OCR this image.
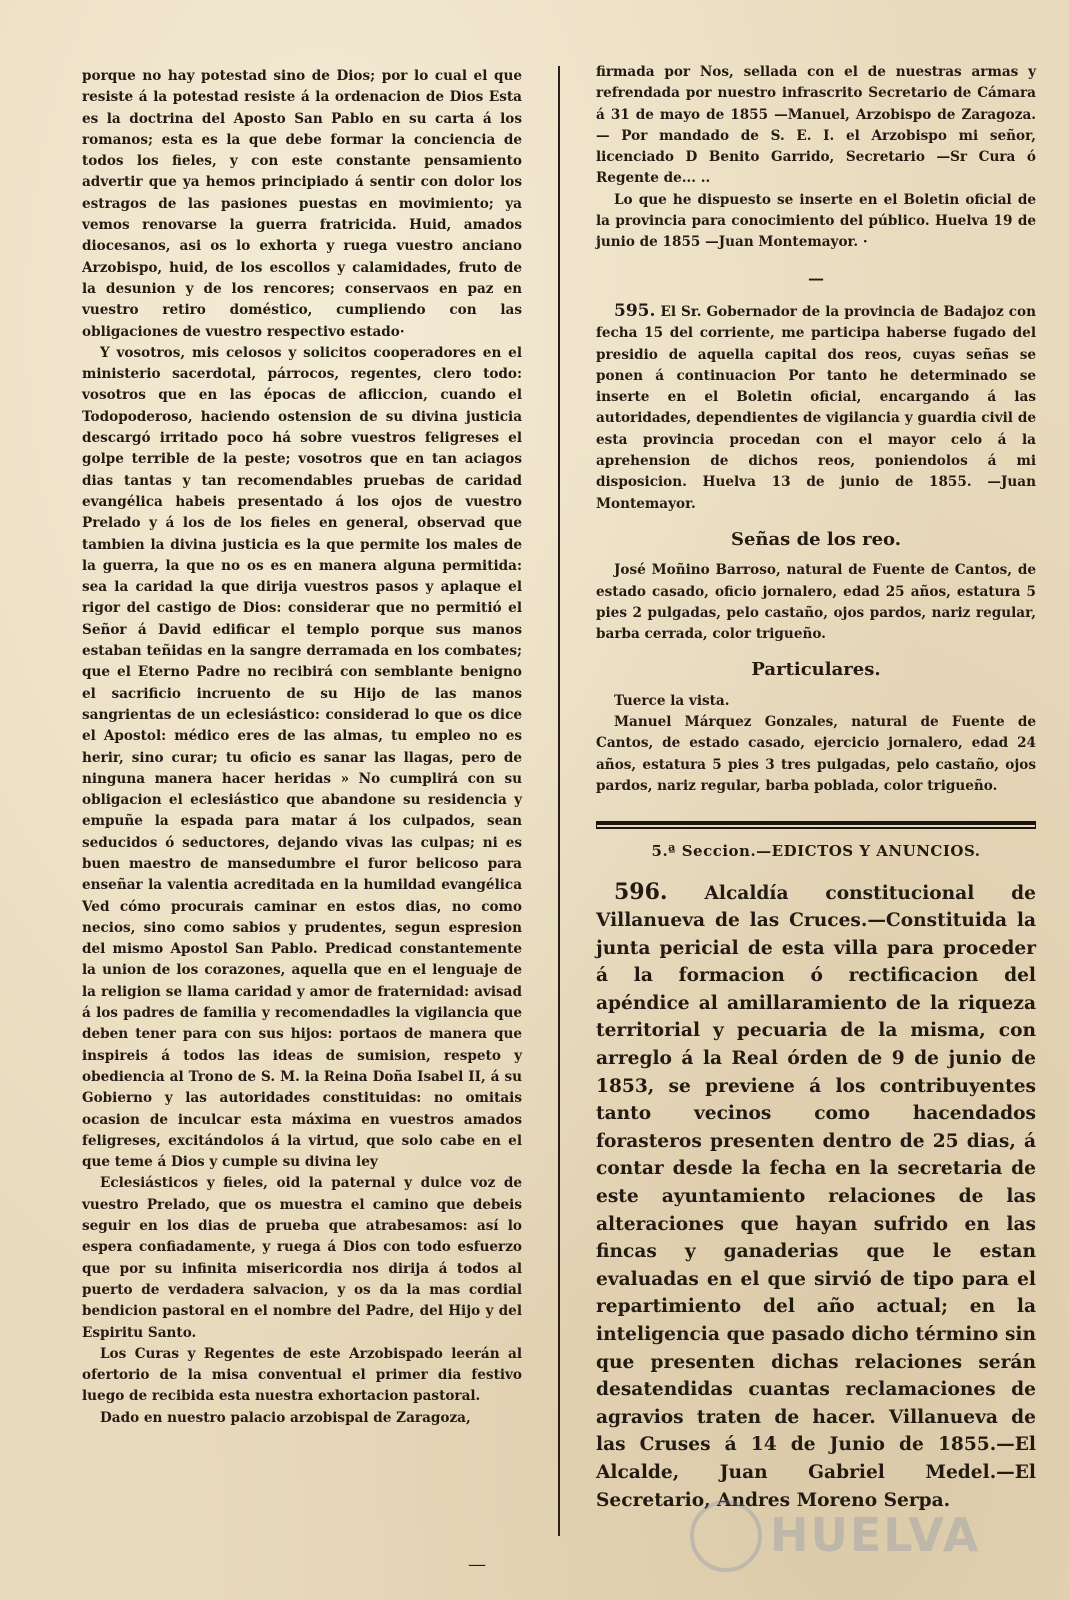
porque no hay potestad sino de Dios; por lo cual el que resiste á la potestad resiste á la ordenacion de Dios Esta es la doctrina del Aposto San Pablo en su carta á los romanos; esta es la que debe formar la conciencia de todos los fieles, y con este constante pensamiento advertir que ya hemos principiado á sentir con dolor los estragos de las pasiones puestas en movimiento; ya vemos renovarse la guerra fratricida. Huid, amados diocesanos, asi os lo exhorta y ruega vuestro anciano Arzobispo, huid, de los escollos y calamidades, fruto de la desunion y de los rencores; conservaos en paz en vuestro retiro doméstico, cumpliendo con las obligaciones de vuestro respectivo estado·

Y vosotros, mis celosos y solicitos cooperadores en el ministerio sacerdotal, párrocos, regentes, clero todo: vosotros que en las épocas de afliccion, cuando el Todopoderoso, haciendo ostension de su divina justicia descargó irritado poco há sobre vuestros feligreses el golpe terrible de la peste; vosotros que en tan aciagos dias tantas y tan recomendables pruebas de caridad evangélica habeis presentado á los ojos de vuestro Prelado y á los de los fieles en general, observad que tambien la divina justicia es la que permite los males de la guerra, la que no os es en manera alguna permitida: sea la caridad la que dirija vuestros pasos y aplaque el rigor del castigo de Dios: considerar que no permitió el Señor á David edificar el templo porque sus manos estaban teñidas en la sangre derramada en los combates; que el Eterno Padre no recibirá con semblante benigno el sacrificio incruento de su Hijo de las manos sangrientas de un eclesiástico: considerad lo que os dice el Apostol: médico eres de las almas, tu empleo no es herir, sino curar; tu oficio es sanar las llagas, pero de ninguna manera hacer heridas » No cumplirá con su obligacion el eclesiástico que abandone su residencia y empuñe la espada para matar á los culpados, sean seducidos ó seductores, dejando vivas las culpas; ni es buen maestro de mansedumbre el furor belicoso para enseñar la valentia acreditada en la humildad evangélica Ved cómo procurais caminar en estos dias, no como necios, sino como sabios y prudentes, segun espresion del mismo Apostol San Pablo. Predicad constantemente la union de los corazones, aquella que en el lenguaje de la religion se llama caridad y amor de fraternidad: avisad á los padres de familia y recomendadles la vigilancia que deben tener para con sus hijos: portaos de manera que inspireis á todos las ideas de sumision, respeto y obediencia al Trono de S. M. la Reina Doña Isabel II, á su Gobierno y las autoridades constituidas: no omitais ocasion de inculcar esta máxima en vuestros amados feligreses, excitándolos á la virtud, que solo cabe en el que teme á Dios y cumple su divina ley

Eclesiásticos y fieles, oid la paternal y dulce voz de vuestro Prelado, que os muestra el camino que debeis seguir en los dias de prueba que atrabesamos: así lo espera confiadamente, y ruega á Dios con todo esfuerzo que por su infinita misericordia nos dirija á todos al puerto de verdadera salvacion, y os da la mas cordial bendicion pastoral en el nombre del Padre, del Hijo y del Espiritu Santo.

Los Curas y Regentes de este Arzobispado leerán al ofertorio de la misa conventual el primer dia festivo luego de recibida esta nuestra exhortacion pastoral.

Dado en nuestro palacio arzobispal de Zaragoza,

firmada por Nos, sellada con el de nuestras armas y refrendada por nuestro infrascrito Secretario de Cámara á 31 de mayo de 1855 —Manuel, Arzobispo de Zaragoza. — Por mandado de S. E. I. el Arzobispo mi señor, licenciado D Benito Garrido, Secretario —Sr Cura ó Regente de... ..

Lo que he dispuesto se inserte en el Boletin oficial de la provincia para conocimiento del público. Huelva 19 de junio de 1855 —Juan Montemayor. ·

—

595. El Sr. Gobernador de la provincia de Badajoz con fecha 15 del corriente, me participa haberse fugado del presidio de aquella capital dos reos, cuyas señas se ponen á continuacion Por tanto he determinado se inserte en el Boletin oficial, encargando á las autoridades, dependientes de vigilancia y guardia civil de esta provincia procedan con el mayor celo á la aprehension de dichos reos, poniendolos á mi disposicion. Huelva 13 de junio de 1855. —Juan Montemayor.

Señas de los reo.

José Moñino Barroso, natural de Fuente de Cantos, de estado casado, oficio jornalero, edad 25 años, estatura 5 pies 2 pulgadas, pelo castaño, ojos pardos, nariz regular, barba cerrada, color trigueño.

Particulares.

Tuerce la vista.

Manuel Márquez Gonzales, natural de Fuente de Cantos, de estado casado, ejercicio jornalero, edad 24 años, estatura 5 pies 3 tres pulgadas, pelo castaño, ojos pardos, nariz regular, barba poblada, color trigueño.

5.ª Seccion.—EDICTOS Y ANUNCIOS.

596. Alcaldía constitucional de Villanueva de las Cruces.—Constituida la junta pericial de esta villa para proceder á la formacion ó rectificacion del apéndice al amillaramiento de la riqueza territorial y pecuaria de la misma, con arreglo á la Real órden de 9 de junio de 1853, se previene á los contribuyentes tanto vecinos como hacendados forasteros presenten dentro de 25 dias, á contar desde la fecha en la secretaria de este ayuntamiento relaciones de las alteraciones que hayan sufrido en las fincas y ganaderias que le estan evaluadas en el que sirvió de tipo para el repartimiento del año actual; en la inteligencia que pasado dicho término sin que presenten dichas relaciones serán desatendidas cuantas reclamaciones de agravios traten de hacer. Villanueva de las Cruses á 14 de Junio de 1855.—El Alcalde, Juan Gabriel Medel.—El Secretario, Andres Moreno Serpa.

—
HUELVA
